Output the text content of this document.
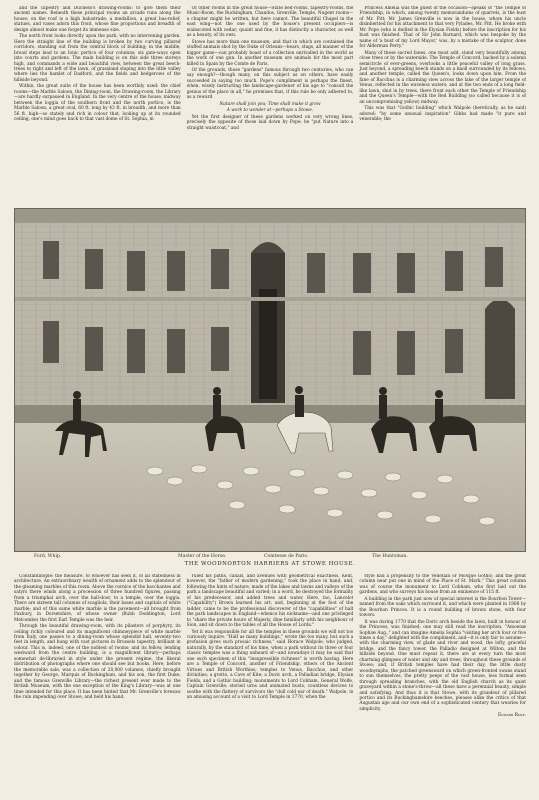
and the Tapestry and Duchess's drawing-rooms: to give them their ancient names. Beneath these principal rooms an arcade runs along the house; on the roof is a high balustrade; a medallion, a great bas-relief, statues, and vases adorn this front, whose fine proportions and breadth of design almost make one forget its immense size.

The north front looks directly upon the park, with no intervening garden. Here the straight line of the building is broken by two curving pillared corridors, standing out from the central block of building; in the middle, broad steps lead to an Ionic portico of four columns; six gate-ways open into courts and gardens. The main building is on this side three storeys high, and commands a wide and beautiful view, between the great beech-trees to right and left of the lawn, of grassland sloping into the little valley where lies the hamlet of Dadford, and the fields and hedgerows of the hillside beyond.

Within, the great suite of the house has been worthily used: the chief rooms—the Marble Saloon, the Dining-room, the Drawing-room, the Library—are hardly surpassed in England. In the very centre of the house, midway between the loggia of the southern front and the north portico, is the Marble Saloon, a great oval, 60 ft. long by 43 ft. in breadth, and more than 56 ft. high—so stately and rich in colour that, looking up at its rounded ceiling, one's mind goes back to that vast dome of St. Sophia, in

Of other rooms in the great house—State bed-rooms, tapestry-rooms, the Music-Room, the Buckingham, Chandos, Grenville, Temple, Nugent rooms—a chapter might be written, but here cannot. The beautiful Chapel in the east wing—not the one used by the house's present occupiers—is wainscoted with cedar; quaint and fine, it has distinctly a character, as well as a beauty, of its own.

Stowe has more than one museum; and that in which are contained the stuffed animals shot by the Duke of Orleans—bears, stags, all manner of the bigger game—can probably boast of a collection unrivalled in the world as the work of one gun. In another museum are animals for the most part killed in Spain by the Comte de Paris.

Of the grounds, those "gardens" famous through two centuries, who can say enough?—though many, on this subject as on others, have easily succeeded in saying too much. Pope's compliment is perhaps the finest, when, wisely instructing the landscape-gardener of his age to "consult the genius of the place in all," he promises that, if this rule be only adhered to, as a reward

Nature shall join you; Time shall make it grow
A work to wonder at—perhaps a Stowe.

Yet the first designer of these gardens worked on very wrong lines, precisely the opposite of those laid down by Pope: he "put Nature into a straight waistcoat," and

Princess Amelia was the guest of the occasion—speaks of "the Temple of Friendship, in which, among twenty memorandums of quarrels, is the bust of Mr. Pitt; Mr. James Grenville is now in the house, whom his uncle disinherited for his attachment to that very Pylades, Mr. Pitt. He broke with Mr. Pope (who is deified in the Elysian Fields) before the inscription for his bust was finished. That of Sir John Barnard, which was bespoke by the name of 'a bust of my Lord Mayor,' was, by a mistake of the sculptor, done for Alderman Perry."

Many of these sacred fanes, one must add, stand very beautifully among close trees or by the waterside. The Temple of Concord, backed by a solemn semicircle of ever-greens, overlooks a little peaceful valley of long grass. Just beyond, a spreading beech stands on a knoll surrounded by its fellows, and another temple, called the Queen's, looks down upon him. From the fane of Bacchus is a charming view across the lake of the larger temple of Venus, reflected in the waveless waters; and at the two ends of a long field-like lawn, shut in by trees, there front each other the Temple of Friendship and the Queen's Temple—with the Red Building (so called because it is of an uncompromising yellow) midway.

This was that "Gothic building" which Walpole (heretically, as he said) adored: "by some unusual inspiration" Gibbs had made "it pure and venerable; the

Ford, Whip.	Master of the Horse.	Comtesse de Paris.	The Huntsman.
THE WOODNORTON HARRIERS AT STOWE HOUSE.

Constantinople: the measure, to whoever has seen it, of all stateliness in architecture. An extraordinary wealth of ornament adds to the splendour of the gleaming marbles of this room. Above the cornice of the bacchantes and satyrs there winds along a procession of three hundred figures, passing from a triumphal arch, over the hall-door, to a temple, over the loggia. There are sixteen tall columns of scagliola, their bases and capitals of white marble; and of this same white marble is the pavement—all brought from Paxbury, in Dorsetshire, of whose owner (Bubb Doddington, Lord Melcombe) the first Earl Temple was the heir.

Through the beautiful drawing-room, with its pilasters of porphyry, its ceiling richly coloured and its magnificent chimneypiece of white marble from Italy, one passes to a dining-room whose splendid hall, seventy-two feet in length, and hung with vast pictures in Brussels tapestry, brilliant in colour. This is, indeed, one of the noblest of rooms; and its fellow, lending westward from the centre building, is a magnificent library—perhaps somewhat de-libraried in style under the present régime, the liberal distribution of photographs where one should see but books. Here, before the memorable sale, was a collection of 20,000 volumes, chiefly brought together by George, Marquis of Buckingham, and his son, the first Duke; and the famous Grenville Library—the richest present ever made to the British Museum, with the one exception of the King's Library—was at one time intended for this place. It has been hinted that Mr. Grenville's foresaw the ruin impending over Stowe, and held his hand.

ruled his paths, canals, and avenues with geometrical exactness. Kent, however, the "father of modern gardening," took the place in hand, and, following the hints of nature, made of the lakes and lawns and valleys of the park a landscape beautiful and varied; in a word, he destroyed the formality of his predecessor, and added trees and water. Here, too, Lancelot ("Capability") Brown learned his art; and, beginning at the foot of the ladder, came to be the professional discoverer of the "capabilities" of half the park landscapes in England—whence his nickname—and one privileged to "share the private hours of Majesty, dine familiarly with his neighbour of Sion, and sit down to the tables of all the House of Lords."

Yet it was responsible for all the temples in these grounds we will not too curiously inquire. "Half as many buildings," wrote the too many, but such a profusion gives such prosaic richness," said Horace Walpole, who judged, naturally, by the standard of his time, when a park without its three or four classic temples was a thing unheard of—and nowadays it may be said that one such specimen of this "inexpressible richness" is worth having. Here are a Temple of Concord, another of Friendship, others of the Ancient Virtues and British Worthies; temples to Venus, Bacchus, and other divinities; a grotto, a Cave of Kite; a Doric arch, a Palladian bridge, Elysian Fields, and a Gothic building; monuments to Lord Cobham, General Wolfe, Captain Grenville; storied urns and animated busts, countless devices to soothe with the flattery of survivors the "dull cold ear of death." Walpole, in an amusing account of a visit to Lord Temple in 1770, when the

style had a propensity to the Venetian or Mosque Gothic; and the great column near put one in mind of the Place of St. Mark." This great column was of course the monument to Lord Cobham, who first laid out the gardens, and who surveys his house from an eminence of 115 ft.

A building in the park just now of special interest is the Bourbon Tower—named from the oaks which surround it, and which were planted in 1808 by the Bourbon Princes. It is a round building of brown stone, with four towers.

It was during 1770 that the Doric arch beside the lawn, built in honour of the Princess, was finished; one may still read the inscription, "Amoenæ Sophiæ Aug.," and can imagine Amelia Sophia "visiting her arch four or five times a day," delighted with the compliment, and—it is only fair to assume—with the charming view, of glade and river and wood, the lofty, graceful bridge, and the fancy tower, the Palladio designed at Wilton, and the hillside beyond. One must repeat it, there are at every turn the most charming glimpses of water and sky and trees, throughout these grounds of Stowe; and, if British temples have had their day, the little dusty woodnymphs, the patched greensward on which green-fronted swans stand to sun themselves, the pretty peeps of the vast house, less formal seen through spreading branches, with the old English church as its quiet graveyard within a stone's-throw—all these have a perennial beauty, simple and satisfying. And thus it is that Stowe, with its grandeur of pillared portico and its Buckinghamshire beeches, pleases alike the critics of that Augustan age and our own end of a sophisticated century that wearies for simplicity.

Edward Rose.
